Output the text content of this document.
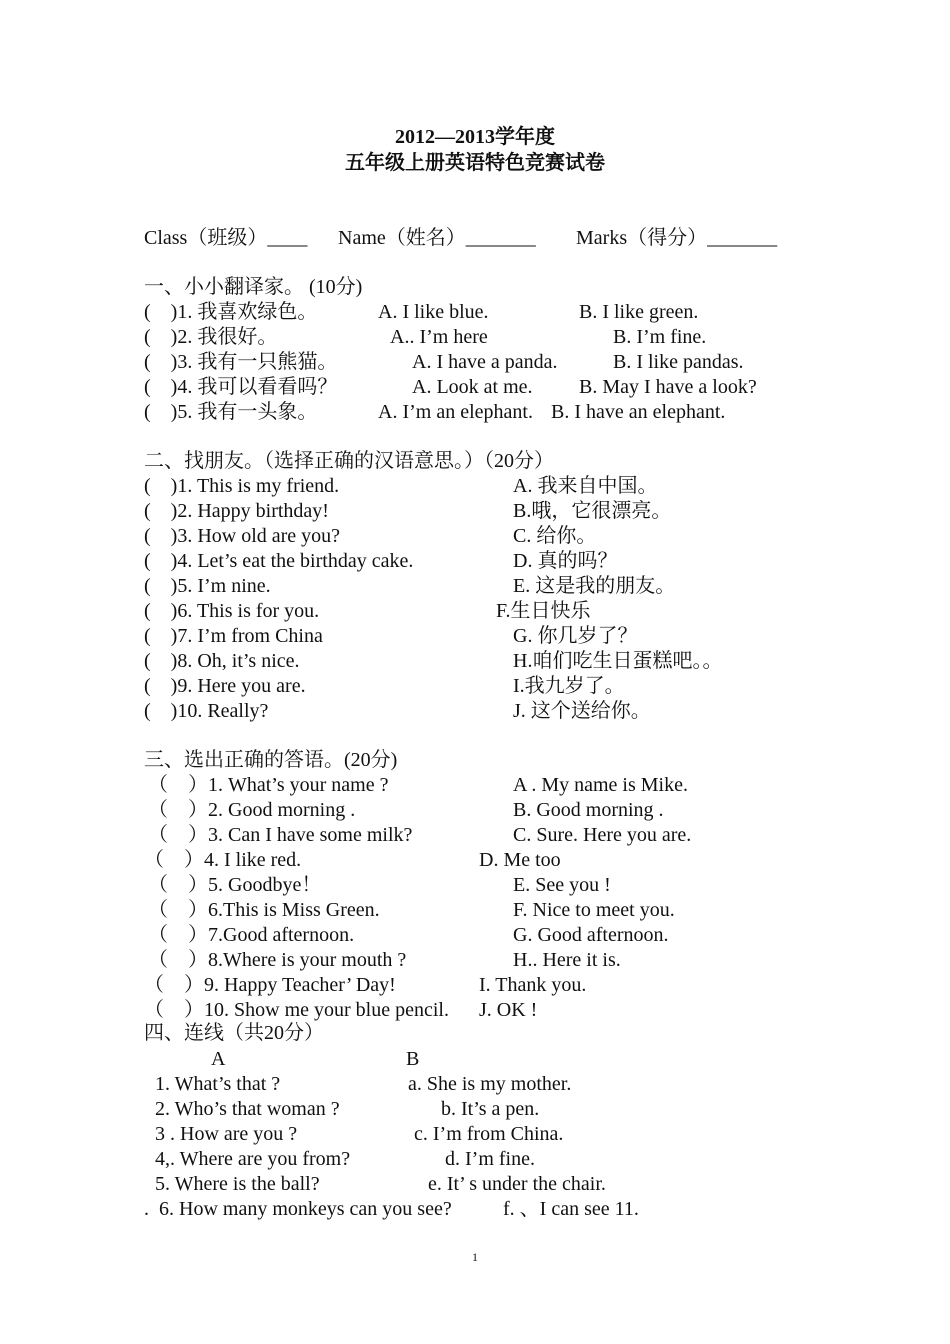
2012—2013学年度
五年级上册英语特色竞赛试卷
Class（班级）____ Name（姓名）_______ Marks（得分）_______
一、小小翻译家。 (10分)
(    )1. 我喜欢绿色。	A. I like blue.	B. I like green.
(    )2. 我很好。	A.. I’m here	B. I’m fine.
(    )3. 我有一只熊猫。	A. I have a panda.	B. I like pandas.
(    )4. 我可以看看吗？	A. Look at me. B. May I have a look?
(    )5. 我有一头象。	A. I’m an elephant. B. I have an elephant.
二、找朋友。（选择正确的汉语意思。）（20分）
(    )1. This is my friend.	A. 我来自中国。
(    )2. Happy birthday!	B.哦，它很漂亮。
(    )3. How old are you?	C. 给你。
(    )4. Let’s eat the birthday cake.	D. 真的吗？
(    )5. I’m nine.	E. 这是我的朋友。
(    )6. This is for you.	F.生日快乐
(    )7. I’m from China	G. 你几岁了？
(    )8. Oh, it’s nice.	H.咱们吃生日蛋糕吧。。
(    )9. Here you are.	I.我九岁了。
(    )10. Really?	J. 这个送给你。
三、选出正确的答语。(20分)
（    ）1. What’s your name ?	A . My name is Mike.
（    ）2. Good morning .	B. Good morning .
（    ）3. Can I have some milk?	C. Sure. Here you are.
（    ）4. I like red.	D. Me too
（    ）5. Goodbye！	E. See you !
（    ）6.This is Miss Green.	F. Nice to meet you.
（    ）7.Good afternoon.	G. Good afternoon.
（    ）8.Where is your mouth ?	H.. Here it is.
（    ）9. Happy Teacher’ Day!	I. Thank you.
（    ）10. Show me your blue pencil. J. OK !
四、连线（共20分）
A	B
1. What’s that ?	a. She is my mother.
2. Who’s that woman ?	b. It’s a pen.
3 . How are you ?	c. I’m from China.
4,. Where are you from?	d. I’m fine.
5. Where is the ball?	e. It’ s under the chair.
.  6. How many monkeys can you see?	f. 、I can see 11.
1
